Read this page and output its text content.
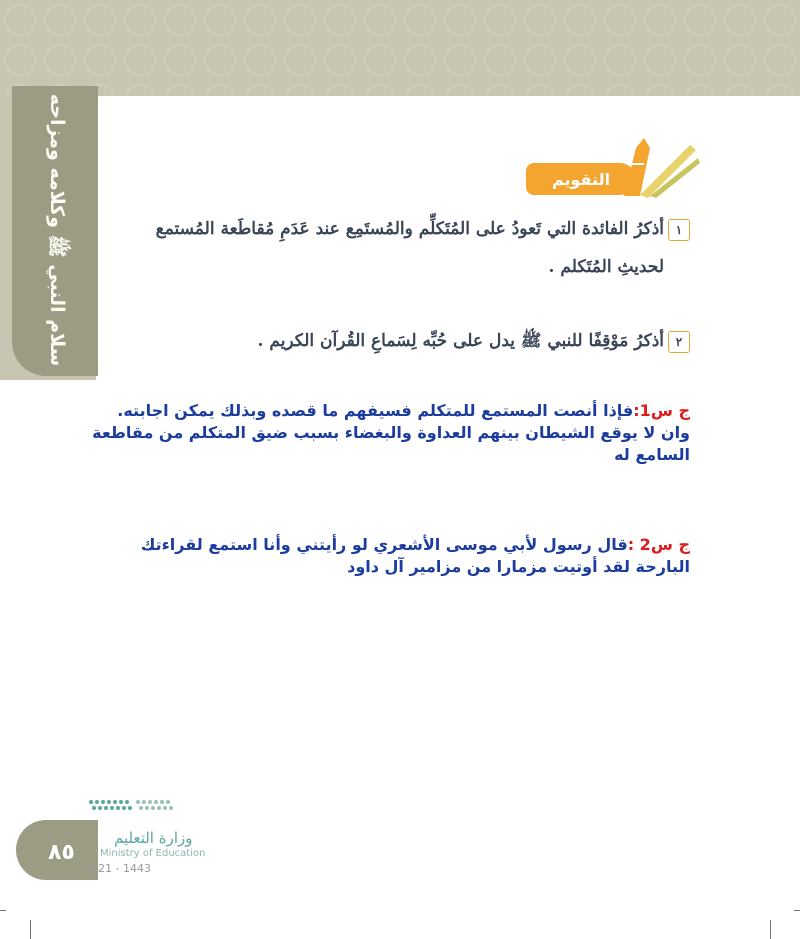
سلام النبي ﷺ وكلامه ومزاحه	التقويم
١أذكرُ الفائدة التي تَعودُ على المُتَكلِّم والمُستَمِع عند عَدَمِ مُقاطَعة المُستمع
لحديثِ المُتَكلم .
٢أذكرُ مَوْقِفًا للنبي ﷺ يدل على حُبِّه لِسَماعِ القُرآن الكريم .
ج س1:فإذا أنصت المستمع للمتكلم فسيفهم ما قصده وبذلك يمكن اجابته.
وان لا يوقع الشيطان بينهم العداوة والبغضاء بسبب ضيق المتكلم من مقاطعة
السامع له
ج س2 :قال رسول لأبي موسى الأشعري لو رأيتني وأنا استمع لقراءتك
البارحة لقد أوتيت مزمارا من مزامير آل داود
٨٥
وزارة التعليم
Ministry of Education
2021 - 1443
